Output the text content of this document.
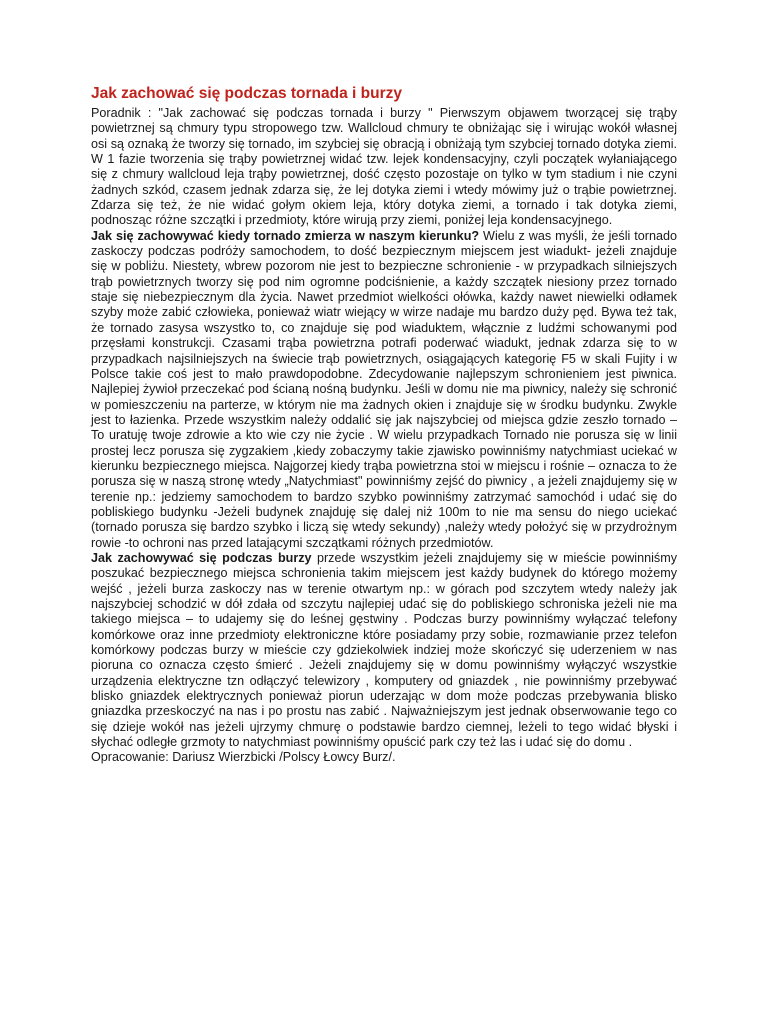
Jak zachować się podczas tornada i burzy

Poradnik : "Jak zachować się podczas tornada i burzy " Pierwszym objawem tworzącej się trąby powietrznej są chmury typu stropowego tzw. Wallcloud chmury te obniżając się i wirując wokół własnej osi są oznaką że tworzy się tornado, im szybciej się obracją i obniżają tym szybciej tornado dotyka ziemi. W 1 fazie tworzenia się trąby powietrznej widać tzw. lejek kondensacyjny, czyli początek wyłaniającego się z chmury wallcloud leja trąby powietrznej, dość często pozostaje on tylko w tym stadium i nie czyni żadnych szkód, czasem jednak zdarza się, że lej dotyka ziemi i wtedy mówimy już o trąbie powietrznej. Zdarza się też, że nie widać gołym okiem leja, który dotyka ziemi, a tornado i tak dotyka ziemi, podnosząc różne szczątki i przedmioty, które wirują przy ziemi, poniżej leja kondensacyjnego.
Jak się zachowywać kiedy tornado zmierza w naszym kierunku? Wielu z was myśli, że jeśli tornado zaskoczy podczas podróży samochodem, to dość bezpiecznym miejscem jest wiadukt- jeżeli znajduje się w pobliżu. Niestety, wbrew pozorom nie jest to bezpieczne schronienie - w przypadkach silniejszych trąb powietrznych tworzy się pod nim ogromne podciśnienie, a każdy szczątek niesiony przez tornado staje się niebezpiecznym dla życia. Nawet przedmiot wielkości ołówka, każdy nawet niewielki odłamek szyby może zabić człowieka, ponieważ wiatr wiejący w wirze nadaje mu bardzo duży pęd. Bywa też tak, że tornado zasysa wszystko to, co znajduje się pod wiaduktem, włącznie z ludźmi schowanymi pod przęsłami konstrukcji. Czasami trąba powietrzna potrafi poderwać wiadukt, jednak zdarza się to w przypadkach najsilniejszych na świecie trąb powietrznych, osiągających kategorię F5 w skali Fujity i w Polsce takie coś jest to mało prawdopodobne. Zdecydowanie najlepszym schronieniem jest piwnica. Najlepiej żywioł przeczekać pod ścianą nośną budynku. Jeśli w domu nie ma piwnicy, należy się schronić w pomieszczeniu na parterze, w którym nie ma żadnych okien i znajduje się w środku budynku. Zwykle jest to łazienka. Przede wszystkim należy oddalić się jak najszybciej od miejsca gdzie zeszło tornado – To uratuję twoje zdrowie a kto wie czy nie życie . W wielu przypadkach Tornado nie porusza się w linii prostej lecz porusza się zygzakiem ,kiedy zobaczymy takie zjawisko powinniśmy natychmiast uciekać w kierunku bezpiecznego miejsca. Najgorzej kiedy trąba powietrzna stoi w miejscu i rośnie – oznacza to że porusza się w naszą stronę wtedy „Natychmiast" powinniśmy zejść do piwnicy , a jeżeli znajdujemy się w terenie np.: jedziemy samochodem to bardzo szybko powinniśmy zatrzymać samochód i udać się do pobliskiego budynku -Jeżeli budynek znajduję się dalej niż 100m to nie ma sensu do niego uciekać (tornado porusza się bardzo szybko i liczą się wtedy sekundy) ,należy wtedy położyć się w przydrożnym rowie -to ochroni nas przed latającymi szczątkami różnych przedmiotów.
Jak zachowywać się podczas burzy przede wszystkim jeżeli znajdujemy się w mieście powinniśmy poszukać bezpiecznego miejsca schronienia takim miejscem jest każdy budynek do którego możemy wejść , jeżeli burza zaskoczy nas w terenie otwartym np.: w górach pod szczytem wtedy należy jak najszybciej schodzić w dół zdała od szczytu najlepiej udać się do pobliskiego schroniska jeżeli nie ma takiego miejsca – to udajemy się do leśnej gęstwiny . Podczas burzy powinniśmy wyłączać telefony komórkowe oraz inne przedmioty elektroniczne które posiadamy przy sobie, rozmawianie przez telefon komórkowy podczas burzy w mieście czy gdziekolwiek indziej może skończyć się uderzeniem w nas pioruna co oznacza często śmierć . Jeżeli znajdujemy się w domu powinniśmy wyłączyć wszystkie urządzenia elektryczne tzn odłączyć telewizory , komputery od gniazdek , nie powinniśmy przebywać blisko gniazdek elektrycznych ponieważ piorun uderzając w dom może podczas przebywania blisko gniazdka przeskoczyć na nas i po prostu nas zabić . Najważniejszym jest jednak obserwowanie tego co się dzieje wokół nas jeżeli ujrzymy chmurę o podstawie bardzo ciemnej, leżeli to tego widać błyski i słychać odległe grzmoty to natychmiast powinniśmy opuścić park czy też las i udać się do domu .
Opracowanie: Dariusz Wierzbicki /Polscy Łowcy Burz/.
